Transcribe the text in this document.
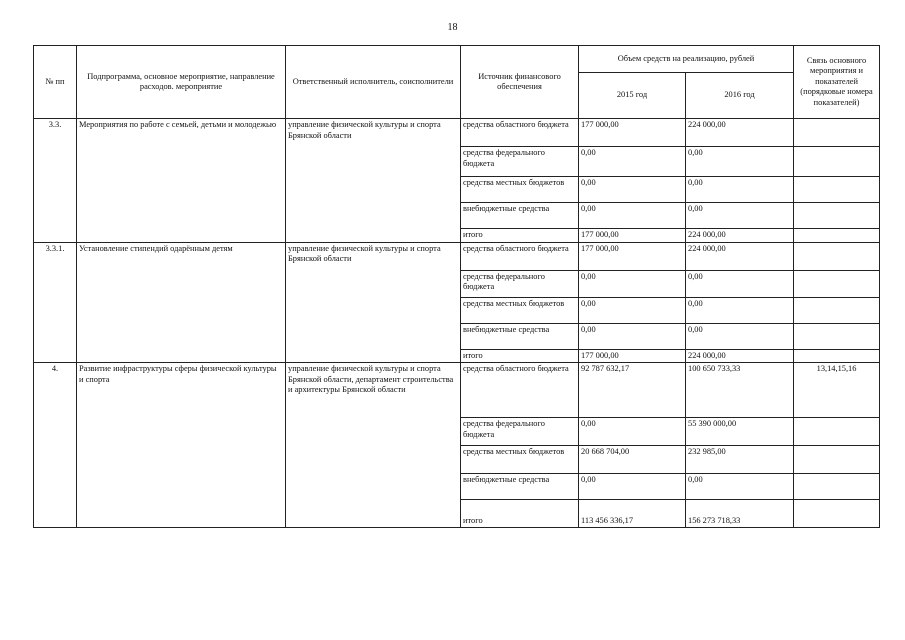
18
№ пп	Подпрограмма, основное мероприятие, направление расходов. мероприятие	Ответственный исполнитель, соисполнители	Источник финансового обеспечения	Объем средств на реализацию, рублей		Связь основного мероприятия и показателей (порядковые номера показателей)
				2015 год	2016 год	
3.3.	Мероприятия по работе с семьей, детьми и молодежью	управление физической культуры и спорта Брянской области	средства областного бюджета	177 000,00	224 000,00	
			средства федерального бюджета	0,00	0,00	
			средства местных бюджетов	0,00	0,00	
			внебюджетные средства	0,00	0,00	
			итого	177 000,00	224 000,00	
3.3.1.	Установление стипендий одарённым детям	управление физической культуры и спорта Брянской области	средства областного бюджета	177 000,00	224 000,00	
			средства федерального бюджета	0,00	0,00	
			средства местных бюджетов	0,00	0,00	
			внебюджетные средства	0,00	0,00	
			итого	177 000,00	224 000,00	
4.	Развитие инфраструктуры сферы физической культуры и спорта	управление физической культуры и спорта Брянской области, департамент строительства и архитектуры Брянской области	средства областного бюджета	92 787 632,17	100 650 733,33	13,14,15,16
			средства федерального бюджета	0,00	55 390 000,00	
			средства местных бюджетов	20 668 704,00	232 985,00	
			внебюджетные средства	0,00	0,00	
			итого	113 456 336,17	156 273 718,33	
